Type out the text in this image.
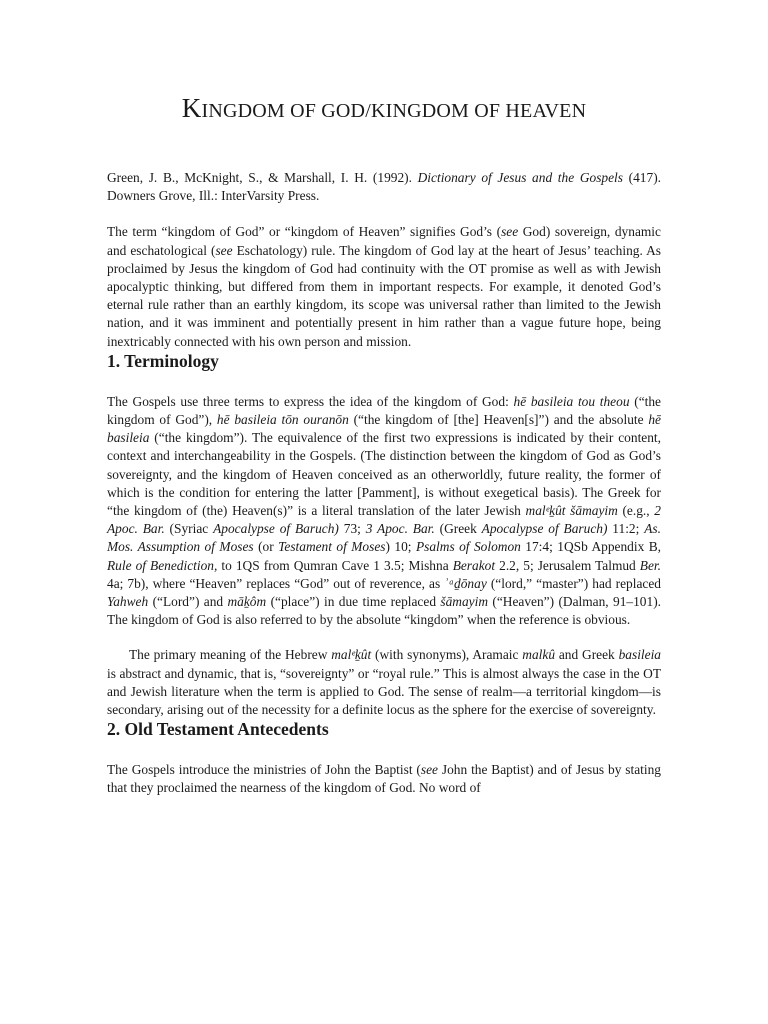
KINGDOM OF GOD/KINGDOM OF HEAVEN

Green, J. B., McKnight, S., & Marshall, I. H. (1992). Dictionary of Jesus and the Gospels (417). Downers Grove, Ill.: InterVarsity Press.

The term “kingdom of God” or “kingdom of Heaven” signifies God’s (see God) sovereign, dynamic and eschatological (see Eschatology) rule. The kingdom of God lay at the heart of Jesus’ teaching. As proclaimed by Jesus the kingdom of God had continuity with the OT promise as well as with Jewish apocalyptic thinking, but differed from them in important respects. For example, it denoted God’s eternal rule rather than an earthly kingdom, its scope was universal rather than limited to the Jewish nation, and it was imminent and potentially present in him rather than a vague future hope, being inextricably connected with his own person and mission.

1. Terminology

The Gospels use three terms to express the idea of the kingdom of God: hē basileia tou theou (“the kingdom of God”), hē basileia tōn ouranōn (“the kingdom of [the] Heaven[s]”) and the absolute hē basileia (“the kingdom”). The equivalence of the first two expressions is indicated by their content, context and interchangeability in the Gospels. (The distinction between the kingdom of God as God’s sovereignty, and the kingdom of Heaven conceived as an otherworldly, future reality, the former of which is the condition for entering the latter [Pamment], is without exegetical basis). The Greek for “the kingdom of (the) Heaven(s)” is a literal translation of the later Jewish malᵉḵût šāmayim (e.g., 2 Apoc. Bar. (Syriac Apocalypse of Baruch) 73; 3 Apoc. Bar. (Greek Apocalypse of Baruch) 11:2; As. Mos. Assumption of Moses (or Testament of Moses) 10; Psalms of Solomon 17:4; 1QSb Appendix B, Rule of Benediction, to 1QS from Qumran Cave 1 3.5; Mishna Berakot 2.2, 5; Jerusalem Talmud Ber. 4a; 7b), where “Heaven” replaces “God” out of reverence, as ʾᵃḏōnay (“lord,” “master”) had replaced Yahweh (“Lord”) and māḵôm (“place”) in due time replaced šāmayim (“Heaven”) (Dalman, 91–101). The kingdom of God is also referred to by the absolute “kingdom” when the reference is obvious.

The primary meaning of the Hebrew malᵉḵût (with synonyms), Aramaic malkû and Greek basileia is abstract and dynamic, that is, “sovereignty” or “royal rule.” This is almost always the case in the OT and Jewish literature when the term is applied to God. The sense of realm—a territorial kingdom—is secondary, arising out of the necessity for a definite locus as the sphere for the exercise of sovereignty.

2. Old Testament Antecedents

The Gospels introduce the ministries of John the Baptist (see John the Baptist) and of Jesus by stating that they proclaimed the nearness of the kingdom of God. No word of
